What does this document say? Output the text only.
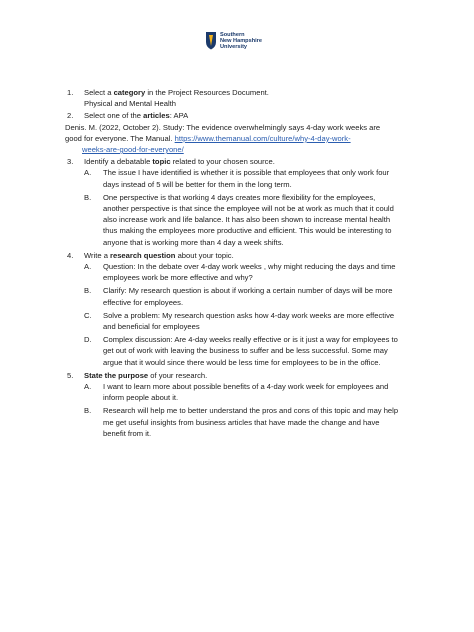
Southern
New Hampshire
University
1. Select a category in the Project Resources Document.
Physical and Mental Health
2. Select one of the articles: APA
Denis. M. (2022, October 2). Study: The evidence overwhelmingly says 4-day work weeks are
good for everyone. The Manual. https://www.themanual.com/culture/why-4-day-work-
weeks-are-good-for-everyone/
3. Identify a debatable topic related to your chosen source.
A. The issue I have identified is whether it is possible that employees that only work four
days instead of 5 will be better for them in the long term.
B. One perspective is that working 4 days creates more flexibility for the employees,
another perspective is that since the employee will not be at work as much that it could
also increase work and life balance. It has also been shown to increase mental health
thus making the employees more productive and efficient. This would be interesting to
anyone that is working more than 4 day a week shifts.
4. Write a research question about your topic.
A. Question: In the debate over 4-day work weeks , why might reducing the days and time
employees work be more effective and why?
B. Clarify: My research question is about if working a certain number of days will be more
effective for employees.
C. Solve a problem: My research question asks how 4-day work weeks are more effective
and beneficial for employees
D. Complex discussion: Are 4-day weeks really effective or is it just a way for employees to
get out of work with leaving the business to suffer and be less successful. Some may
argue that it would since there would be less time for employees to be in the office.
5. State the purpose of your research.
A. I want to learn more about possible benefits of a 4-day work week for employees and
inform people about it.
B. Research will help me to better understand the pros and cons of this topic and may help
me get useful insights from business articles that have made the change and have
benefit from it.
